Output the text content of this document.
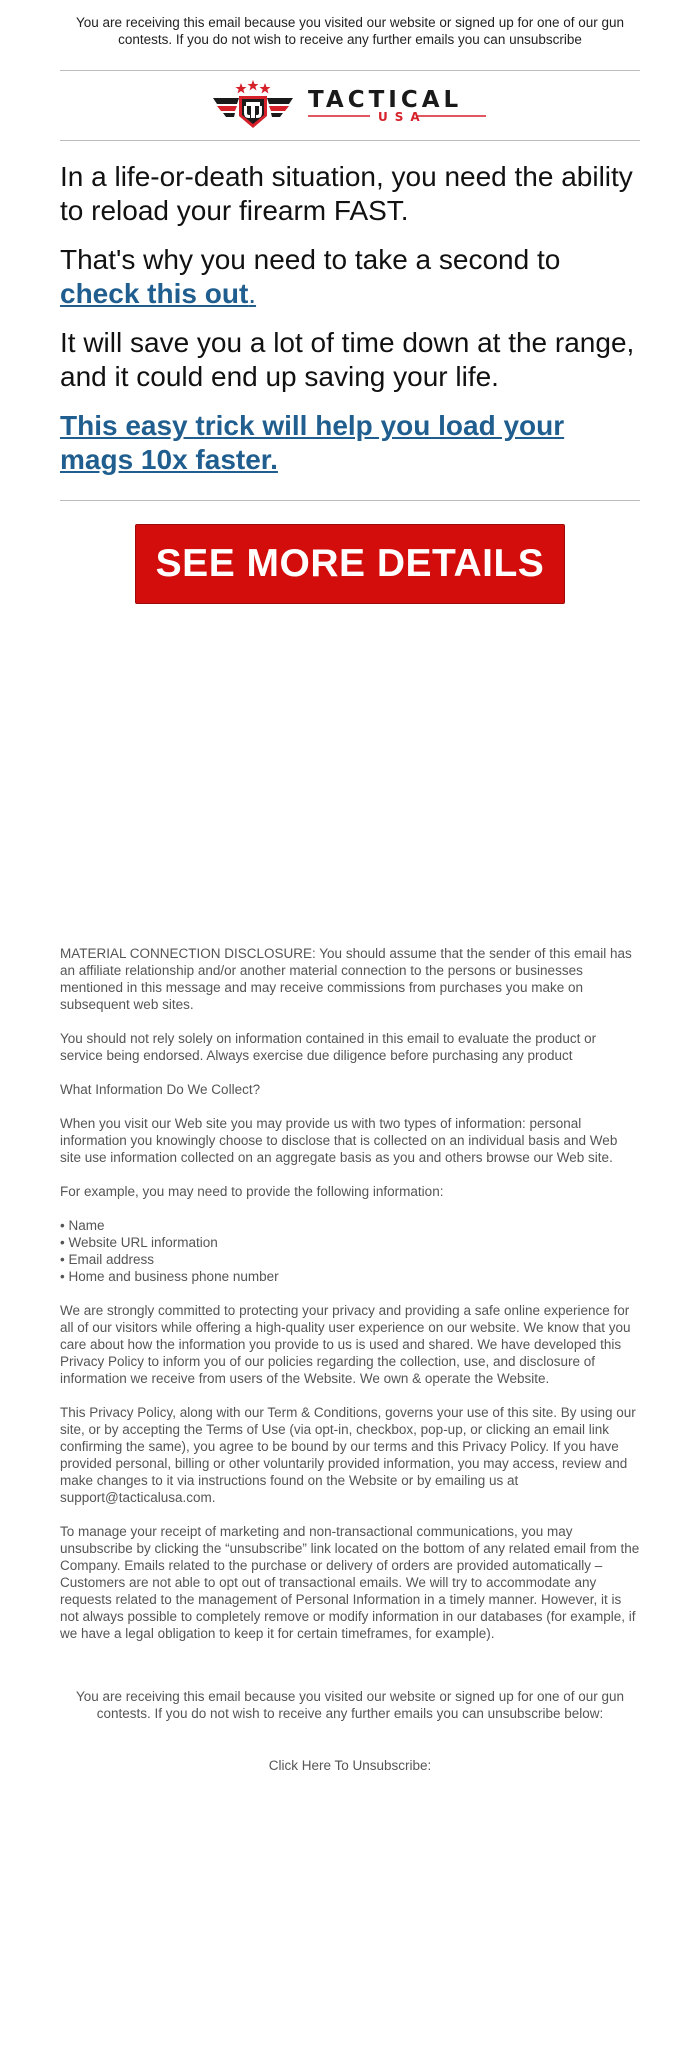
You are receiving this email because you visited our website or signed up for one of our gun contests. If you do not wish to receive any further emails you can unsubscribe
TACTICAL
USA

In a life-or-death situation, you need the ability to reload your firearm FAST.

That's why you need to take a second to check this out.

It will save you a lot of time down at the range, and it could end up saving your life.

This easy trick will help you load your mags 10x faster.

SEE MORE DETAILS

MATERIAL CONNECTION DISCLOSURE: You should assume that the sender of this email has an affiliate relationship and/or another material connection to the persons or businesses mentioned in this message and may receive commissions from purchases you make on subsequent web sites.

You should not rely solely on information contained in this email to evaluate the product or service being endorsed. Always exercise due diligence before purchasing any product

What Information Do We Collect?

When you visit our Web site you may provide us with two types of information: personal information you knowingly choose to disclose that is collected on an individual basis and Web site use information collected on an aggregate basis as you and others browse our Web site.

For example, you may need to provide the following information:

• Name
• Website URL information
• Email address
• Home and business phone number

We are strongly committed to protecting your privacy and providing a safe online experience for all of our visitors while offering a high-quality user experience on our website. We know that you care about how the information you provide to us is used and shared. We have developed this Privacy Policy to inform you of our policies regarding the collection, use, and disclosure of information we receive from users of the Website. We own & operate the Website.

This Privacy Policy, along with our Term & Conditions, governs your use of this site. By using our site, or by accepting the Terms of Use (via opt-in, checkbox, pop-up, or clicking an email link confirming the same), you agree to be bound by our terms and this Privacy Policy. If you have provided personal, billing or other voluntarily provided information, you may access, review and make changes to it via instructions found on the Website or by emailing us at support@tacticalusa.com.

To manage your receipt of marketing and non-transactional communications, you may unsubscribe by clicking the “unsubscribe” link located on the bottom of any related email from the Company. Emails related to the purchase or delivery of orders are provided automatically – Customers are not able to opt out of transactional emails. We will try to accommodate any requests related to the management of Personal Information in a timely manner. However, it is not always possible to completely remove or modify information in our databases (for example, if we have a legal obligation to keep it for certain timeframes, for example).

You are receiving this email because you visited our website or signed up for one of our gun contests. If you do not wish to receive any further emails you can unsubscribe below:
Click Here To Unsubscribe:
